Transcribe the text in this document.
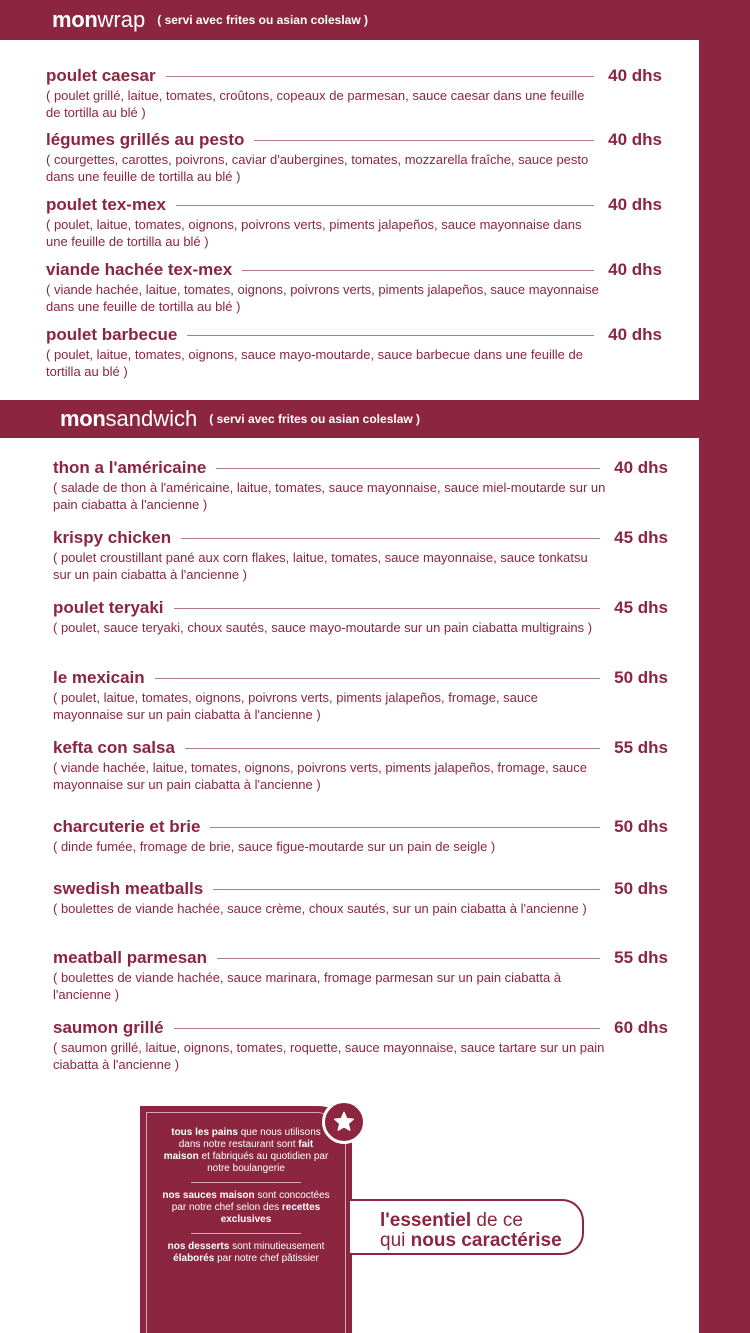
mon wrap ( servi avec frites ou asian coleslaw )
poulet caesar	40 dhs
( poulet grillé, laitue, tomates, croûtons, copeaux de parmesan, sauce caesar dans une feuille de tortilla au blé )
légumes grillés au pesto	40 dhs
( courgettes, carottes, poivrons, caviar d'aubergines, tomates, mozzarella fraîche, sauce pesto dans une feuille de tortilla au blé )
poulet tex-mex	40 dhs
( poulet, laitue, tomates, oignons, poivrons verts, piments jalapeños, sauce mayonnaise dans une feuille de tortilla au blé )
viande hachée tex-mex	40 dhs
( viande hachée, laitue, tomates, oignons, poivrons verts, piments jalapeños, sauce mayonnaise dans une feuille de tortilla au blé )
poulet barbecue	40 dhs
( poulet, laitue, tomates, oignons, sauce mayo-moutarde, sauce barbecue dans une feuille de tortilla au blé )
mon sandwich ( servi avec frites ou asian coleslaw )
thon a l'américaine	40 dhs
( salade de thon à l'américaine, laitue, tomates, sauce mayonnaise, sauce miel-moutarde sur un pain ciabatta à l'ancienne )
krispy chicken	45 dhs
( poulet croustillant pané aux corn flakes, laitue, tomates, sauce mayonnaise, sauce tonkatsu sur un pain ciabatta à l'ancienne )
poulet teryaki	45 dhs
( poulet, sauce teryaki, choux sautés, sauce mayo-moutarde sur un pain ciabatta multigrains )
le mexicain	50 dhs
( poulet, laitue, tomates, oignons, poivrons verts, piments jalapeños, fromage, sauce mayonnaise sur un pain ciabatta à l'ancienne )
kefta con salsa	55 dhs
( viande hachée, laitue, tomates, oignons, poivrons verts, piments jalapeños, fromage, sauce mayonnaise sur un pain ciabatta à l'ancienne )
charcuterie et brie	50 dhs
( dinde fumée, fromage de brie, sauce figue-moutarde sur un pain de seigle )
swedish meatballs	50 dhs
( boulettes de viande hachée, sauce crème, choux sautés, sur un pain ciabatta à l'ancienne )
meatball parmesan	55 dhs
( boulettes de viande hachée, sauce marinara, fromage parmesan sur un pain ciabatta à l'ancienne )
saumon grillé	60 dhs
( saumon grillé, laitue, oignons, tomates, roquette, sauce mayonnaise, sauce tartare sur un pain ciabatta à l'ancienne )
tous les pains que nous utilisons dans notre restaurant sont fait maison et fabriqués au quotidien par notre boulangerie
nos sauces maison sont concoctées par notre chef selon des recettes exclusives
nos desserts sont minutieusement élaborés par notre chef pâtissier
l'essentiel de ce
qui nous caractérise
